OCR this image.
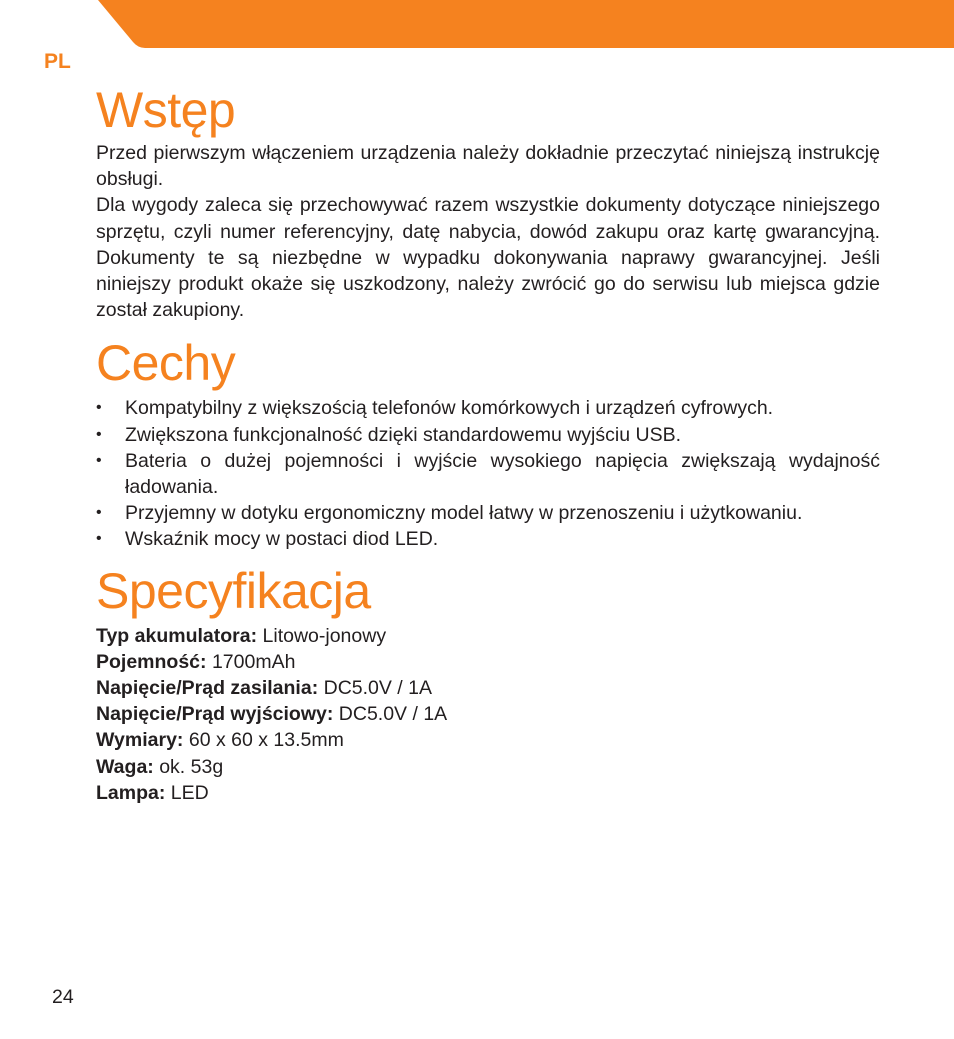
PL
Wstęp

Przed pierwszym włączeniem urządzenia należy dokładnie przeczytać niniejszą instrukcję obsługi.

Dla wygody zaleca się przechowywać razem wszystkie dokumenty dotyczące niniejszego sprzętu, czyli numer referencyjny, datę nabycia, dowód zakupu oraz kartę gwarancyjną. Dokumenty te są niezbędne w wypadku dokonywania naprawy gwarancyjnej. Jeśli niniejszy produkt okaże się uszkodzony, należy zwrócić go do serwisu lub miejsca gdzie został zakupiony.

Cechy
• Kompatybilny z większością telefonów komórkowych i urządzeń cyfrowych.
• Zwiększona funkcjonalność dzięki standardowemu wyjściu USB.
• Bateria o dużej pojemności i wyjście wysokiego napięcia zwiększają wydajność ładowania.
• Przyjemny w dotyku ergonomiczny model łatwy w przenoszeniu i użytkowaniu.
• Wskaźnik mocy w postaci diod LED.
Specyfikacja
Typ akumulatora: Litowo-jonowy
Pojemność: 1700mAh
Napięcie/Prąd zasilania: DC5.0V / 1A
Napięcie/Prąd wyjściowy: DC5.0V / 1A
Wymiary: 60 x 60 x 13.5mm
Waga: ok. 53g
Lampa: LED
24
